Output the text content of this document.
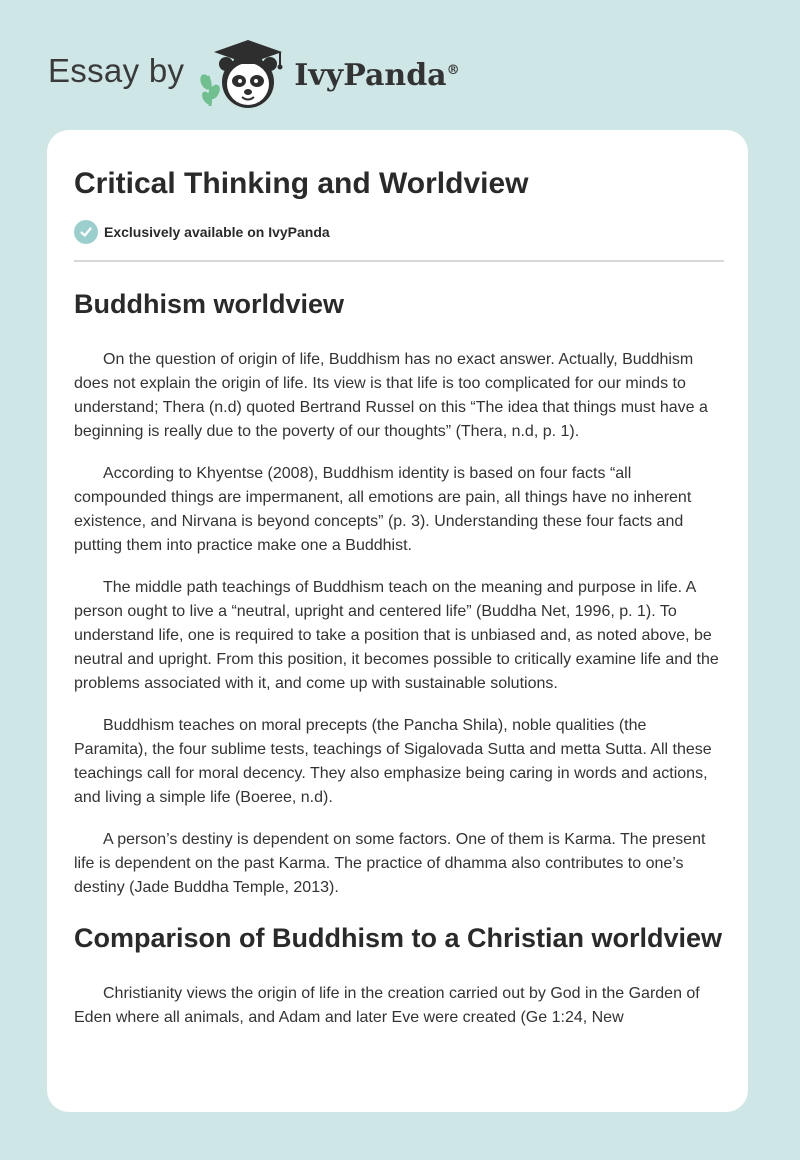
Essay by	IvyPanda®
Critical Thinking and Worldview
Exclusively available on IvyPanda
Buddhism worldview

On the question of origin of life, Buddhism has no exact answer. Actually, Buddhism does not explain the origin of life. Its view is that life is too complicated for our minds to understand; Thera (n.d) quoted Bertrand Russel on this “The idea that things must have a beginning is really due to the poverty of our thoughts” (Thera, n.d, p. 1).

According to Khyentse (2008), Buddhism identity is based on four facts “all compounded things are impermanent, all emotions are pain, all things have no inherent existence, and Nirvana is beyond concepts” (p. 3). Understanding these four facts and putting them into practice make one a Buddhist.

The middle path teachings of Buddhism teach on the meaning and purpose in life. A person ought to live a “neutral, upright and centered life” (Buddha Net, 1996, p. 1). To understand life, one is required to take a position that is unbiased and, as noted above, be neutral and upright. From this position, it becomes possible to critically examine life and the problems associated with it, and come up with sustainable solutions.

Buddhism teaches on moral precepts (the Pancha Shila), noble qualities (the Paramita), the four sublime tests, teachings of Sigalovada Sutta and metta Sutta. All these teachings call for moral decency. They also emphasize being caring in words and actions, and living a simple life (Boeree, n.d).

A person’s destiny is dependent on some factors. One of them is Karma. The present life is dependent on the past Karma. The practice of dhamma also contributes to one’s destiny (Jade Buddha Temple, 2013).

Comparison of Buddhism to a Christian worldview

Christianity views the origin of life in the creation carried out by God in the Garden of Eden where all animals, and Adam and later Eve were created (Ge 1:24, New
